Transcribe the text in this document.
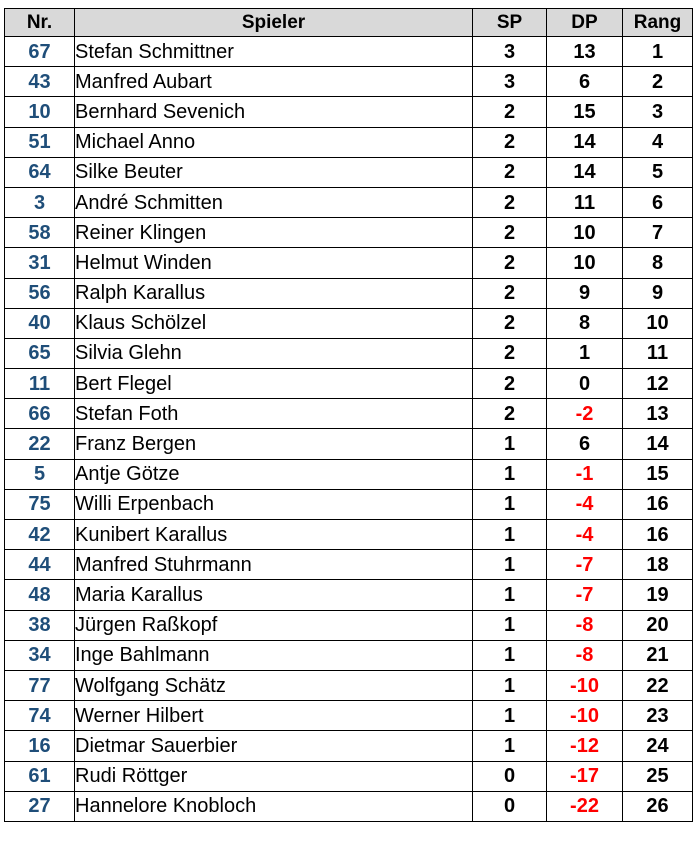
Nr.	Spieler	SP	DP	Rang
67	Stefan Schmittner	3	13	1
43	Manfred Aubart	3	6	2
10	Bernhard Sevenich	2	15	3
51	Michael Anno	2	14	4
64	Silke Beuter	2	14	5
3	André Schmitten	2	11	6
58	Reiner Klingen	2	10	7
31	Helmut Winden	2	10	8
56	Ralph Karallus	2	9	9
40	Klaus Schölzel	2	8	10
65	Silvia Glehn	2	1	11
11	Bert Flegel	2	0	12
66	Stefan Foth	2	-2	13
22	Franz Bergen	1	6	14
5	Antje Götze	1	-1	15
75	Willi Erpenbach	1	-4	16
42	Kunibert Karallus	1	-4	16
44	Manfred Stuhrmann	1	-7	18
48	Maria Karallus	1	-7	19
38	Jürgen Raßkopf	1	-8	20
34	Inge Bahlmann	1	-8	21
77	Wolfgang Schätz	1	-10	22
74	Werner Hilbert	1	-10	23
16	Dietmar Sauerbier	1	-12	24
61	Rudi Röttger	0	-17	25
27	Hannelore Knobloch	0	-22	26
